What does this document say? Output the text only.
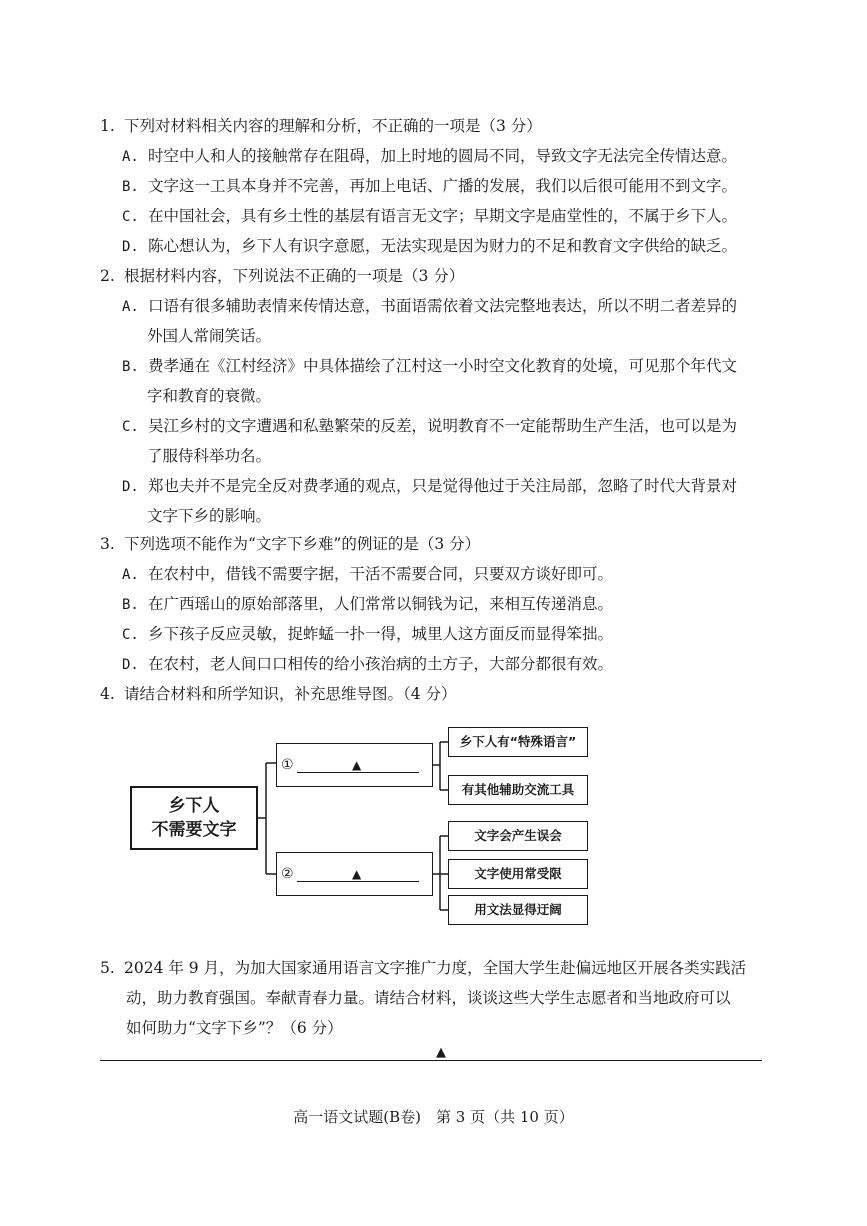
1. 下列对材料相关内容的理解和分析，不正确的一项是（3 分）
A. 时空中人和人的接触常存在阻碍，加上时地的圆局不同，导致文字无法完全传情达意。
B. 文字这一工具本身并不完善，再加上电话、广播的发展，我们以后很可能用不到文字。
C. 在中国社会，具有乡土性的基层有语言无文字；早期文字是庙堂性的，不属于乡下人。
D. 陈心想认为，乡下人有识字意愿，无法实现是因为财力的不足和教育文字供给的缺乏。
2. 根据材料内容，下列说法不正确的一项是（3 分）
A. 口语有很多辅助表情来传情达意，书面语需依着文法完整地表达，所以不明二者差异的
外国人常闹笑话。
B. 费孝通在《江村经济》中具体描绘了江村这一小时空文化教育的处境，可见那个年代文
字和教育的衰微。
C. 吴江乡村的文字遭遇和私塾繁荣的反差，说明教育不一定能帮助生产生活，也可以是为
了服侍科举功名。
D. 郑也夫并不是完全反对费孝通的观点，只是觉得他过于关注局部，忽略了时代大背景对
文字下乡的影响。
3. 下列选项不能作为“文字下乡难”的例证的是（3 分）
A. 在农村中，借钱不需要字据，干活不需要合同，只要双方谈好即可。
B. 在广西瑶山的原始部落里，人们常常以铜钱为记，来相互传递消息。
C. 乡下孩子反应灵敏，捉蚱蜢一扑一得，城里人这方面反而显得笨拙。
D. 在农村，老人间口口相传的给小孩治病的土方子，大部分都很有效。
4. 请结合材料和所学知识，补充思维导图。（4 分）
乡下人
不需要文字
①	▲
②	▲
乡下人有“特殊语言”
有其他辅助交流工具
文字会产生误会
文字使用常受限
用文法显得迂阔
5. 2024 年 9 月，为加大国家通用语言文字推广力度，全国大学生赴偏远地区开展各类实践活
动，助力教育强国。奉献青春力量。请结合材料，谈谈这些大学生志愿者和当地政府可以
如何助力“文字下乡”？（6 分）
▲
高一语文试题(B卷)　第 3 页（共 10 页）
